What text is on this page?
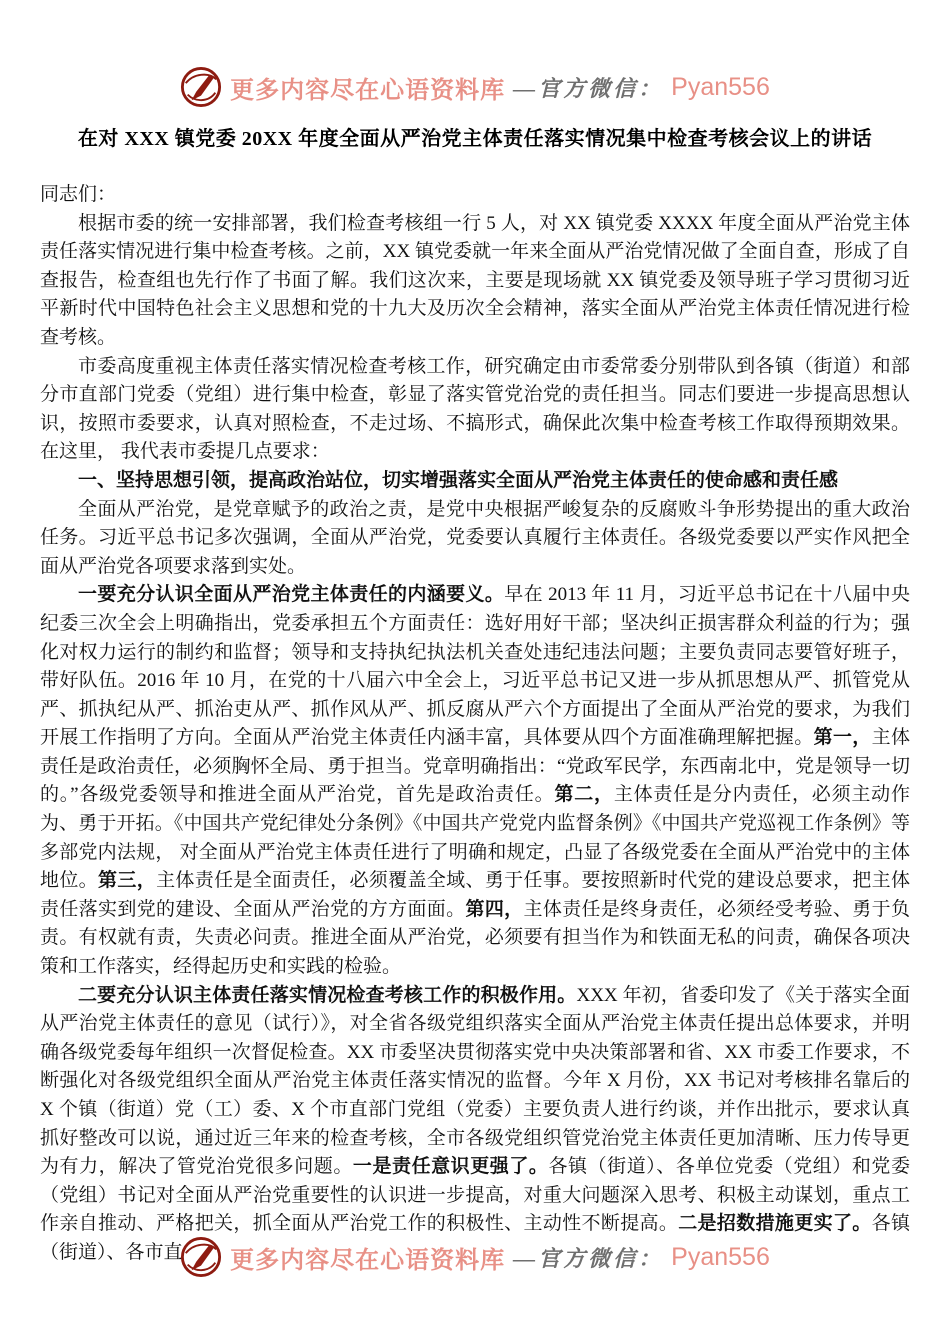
更多内容尽在心语资料库 —官方微信： Pyan556
在对 XXX 镇党委 20XX 年度全面从严治党主体责任落实情况集中检查考核会议上的讲话

同志们：

根据市委的统一安排部署，我们检查考核组一行 5 人，对 XX 镇党委 XXXX 年度全面从严治党主体责任落实情况进行集中检查考核。之前，XX 镇党委就一年来全面从严治党情况做了全面自查，形成了自查报告，检查组也先行作了书面了解。我们这次来，主要是现场就 XX 镇党委及领导班子学习贯彻习近平新时代中国特色社会主义思想和党的十九大及历次全会精神，落实全面从严治党主体责任情况进行检查考核。

市委高度重视主体责任落实情况检查考核工作，研究确定由市委常委分别带队到各镇（街道）和部分市直部门党委（党组）进行集中检查，彰显了落实管党治党的责任担当。同志们要进一步提高思想认识，按照市委要求，认真对照检查，不走过场、不搞形式，确保此次集中检查考核工作取得预期效果。在这里， 我代表市委提几点要求：

一、坚持思想引领，提高政治站位，切实增强落实全面从严治党主体责任的使命感和责任感

全面从严治党，是党章赋予的政治之责，是党中央根据严峻复杂的反腐败斗争形势提出的重大政治任务。习近平总书记多次强调，全面从严治党，党委要认真履行主体责任。各级党委要以严实作风把全面从严治党各项要求落到实处。

一要充分认识全面从严治党主体责任的内涵要义。早在 2013 年 11 月，习近平总书记在十八届中央纪委三次全会上明确指出，党委承担五个方面责任：选好用好干部；坚决纠正损害群众利益的行为；强化对权力运行的制约和监督；领导和支持执纪执法机关查处违纪违法问题；主要负责同志要管好班子，带好队伍。2016 年 10 月，在党的十八届六中全会上，习近平总书记又进一步从抓思想从严、抓管党从严、抓执纪从严、抓治吏从严、抓作风从严、抓反腐从严六个方面提出了全面从严治党的要求，为我们开展工作指明了方向。全面从严治党主体责任内涵丰富，具体要从四个方面准确理解把握。第一，主体责任是政治责任，必须胸怀全局、勇于担当。党章明确指出：“党政军民学，东西南北中，党是领导一切的。”各级党委领导和推进全面从严治党，首先是政治责任。第二，主体责任是分内责任，必须主动作为、勇于开拓。《中国共产党纪律处分条例》《中国共产党党内监督条例》《中国共产党巡视工作条例》等多部党内法规， 对全面从严治党主体责任进行了明确和规定，凸显了各级党委在全面从严治党中的主体地位。第三，主体责任是全面责任，必须覆盖全域、勇于任事。要按照新时代党的建设总要求，把主体责任落实到党的建设、全面从严治党的方方面面。第四，主体责任是终身责任，必须经受考验、勇于负责。有权就有责，失责必问责。推进全面从严治党，必须要有担当作为和铁面无私的问责，确保各项决策和工作落实，经得起历史和实践的检验。

二要充分认识主体责任落实情况检查考核工作的积极作用。XXX 年初，省委印发了《关于落实全面从严治党主体责任的意见（试行）》，对全省各级党组织落实全面从严治党主体责任提出总体要求，并明确各级党委每年组织一次督促检查。XX 市委坚决贯彻落实党中央决策部署和省、XX 市委工作要求，不断强化对各级党组织全面从严治党主体责任落实情况的监督。今年 X 月份，XX 书记对考核排名靠后的 X 个镇（街道）党（工）委、X 个市直部门党组（党委）主要负责人进行约谈，并作出批示，要求认真抓好整改可以说，通过近三年来的检查考核，全市各级党组织管党治党主体责任更加清晰、压力传导更为有力，解决了管党治党很多问题。一是责任意识更强了。各镇（街道）、各单位党委（党组）和党委（党组）书记对全面从严治党重要性的认识进一步提高，对重大问题深入思考、积极主动谋划，重点工作亲自推动、严格把关，抓全面从严治党工作的积极性、主动性不断提高。二是招数措施更实了。各镇（街道）、各市直	更多内容尽在心语资料库 —官方微信： Pyan556
